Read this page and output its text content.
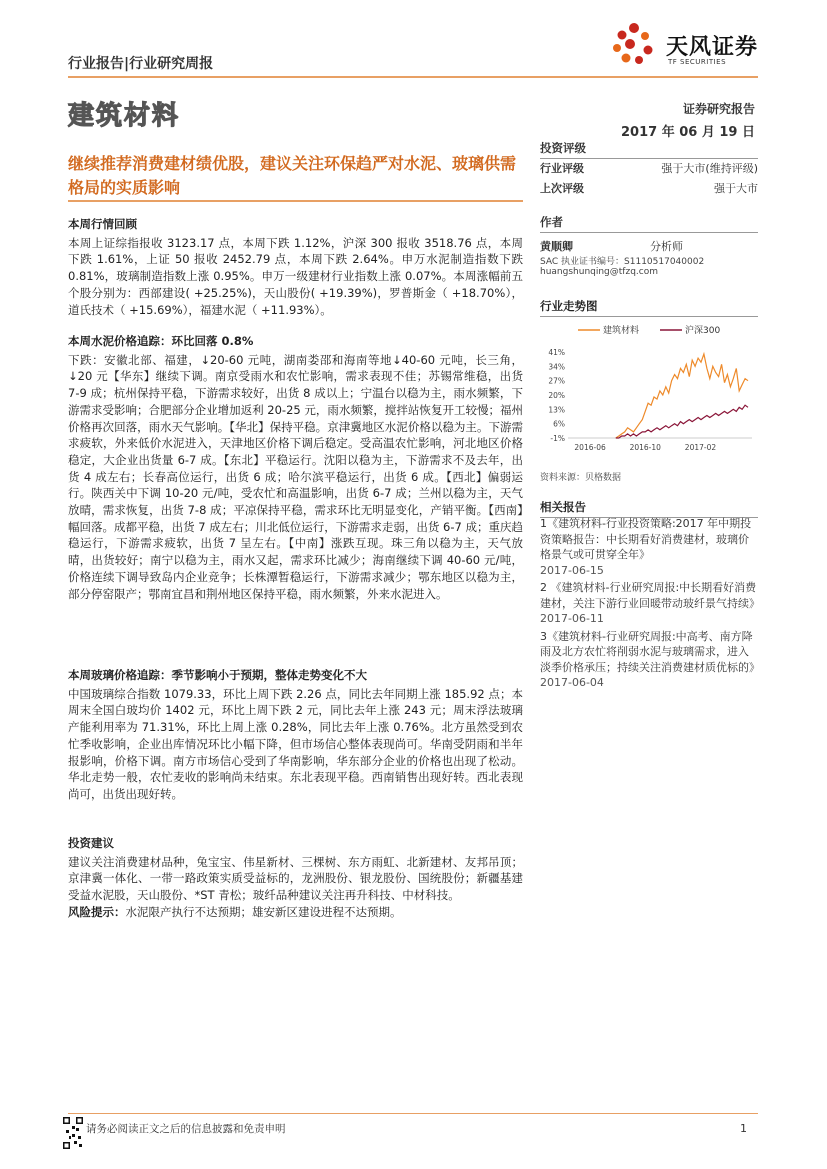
天风证券
TF SECURITIES
行业报告|行业研究周报
建筑材料	证券研究报告
2017 年 06 月 19 日
继续推荐消费建材绩优股，建议关注环保趋严对水泥、玻璃供需格局的实质影响
本周行情回顾
本周上证综指报收 3123.17 点，本周下跌 1.12%，沪深 300 报收 3518.76 点，本周下跌 1.61%，上证 50 报收 2452.79 点，本周下跌 2.64%。申万水泥制造指数下跌 0.81%，玻璃制造指数上涨 0.95%。申万一级建材行业指数上涨 0.07%。本周涨幅前五个股分别为：西部建设( +25.25%)，天山股份( +19.39%)，罗普斯金（ +18.70%），道氏技术（ +15.69%），福建水泥（ +11.93%）。
本周水泥价格追踪：环比回落 0.8%
下跌：安徽北部、福建，↓20-60 元吨，湖南娄邵和海南等地↓40-60 元吨，长三角，↓20 元【华东】继续下调。南京受雨水和农忙影响，需求表现不佳；苏锡常维稳，出货 7-9 成；杭州保持平稳，下游需求较好，出货 8 成以上；宁温台以稳为主，雨水频繁，下游需求受影响；合肥部分企业增加返利 20-25 元，雨水频繁，搅拌站恢复开工较慢；福州价格再次回落，雨水天气影响。【华北】保持平稳。京津冀地区水泥价格以稳为主。下游需求疲软，外来低价水泥进入，天津地区价格下调后稳定。受高温农忙影响，河北地区价格稳定，大企业出货量 6-7 成。【东北】平稳运行。沈阳以稳为主，下游需求不及去年，出货 4 成左右；长春高位运行，出货 6 成；哈尔滨平稳运行，出货 6 成。【西北】偏弱运行。陕西关中下调 10-20 元/吨，受农忙和高温影响，出货 6-7 成；兰州以稳为主，天气放晴，需求恢复，出货 7-8 成；平凉保持平稳，需求环比无明显变化，产销平衡。【西南】幅回落。成都平稳，出货 7 成左右；川北低位运行，下游需求走弱，出货 6-7 成；重庆趋稳运行，下游需求疲软，出货 7 呈左右。【中南】涨跌互现。珠三角以稳为主，天气放晴，出货较好；南宁以稳为主，雨水又起，需求环比减少；海南继续下调 40-60 元/吨，价格连续下调导致岛内企业竞争；长株潭暂稳运行，下游需求减少；鄂东地区以稳为主，部分停窑限产；鄂南宜昌和荆州地区保持平稳，雨水频繁，外来水泥进入。
本周玻璃价格追踪：季节影响小于预期，整体走势变化不大
中国玻璃综合指数 1079.33，环比上周下跌 2.26 点，同比去年同期上涨 185.92 点；本周末全国白玻均价 1402 元，环比上周下跌 2 元，同比去年上涨 243 元；周末浮法玻璃产能利用率为 71.31%，环比上周上涨 0.28%，同比去年上涨 0.76%。北方虽然受到农忙季收影响，企业出库情况环比小幅下降，但市场信心整体表现尚可。华南受阴雨和半年报影响，价格下调。南方市场信心受到了华南影响，华东部分企业的价格也出现了松动。华北走势一般，农忙麦收的影响尚未结束。东北表现平稳。西南销售出现好转。西北表现尚可，出货出现好转。
投资建议
建议关注消费建材品种，兔宝宝、伟星新材、三棵树、东方雨虹、北新建材、友邦吊顶；京津冀一体化、一带一路政策实质受益标的，龙洲股份、银龙股份、国统股份；新疆基建受益水泥股，天山股份、*ST 青松；玻纤品种建议关注再升科技、中材科技。
风险提示：水泥限产执行不达预期；雄安新区建设进程不达预期。
投资评级
行业评级	强于大市(维持评级)
上次评级	强于大市
作者
黄顺卿	分析师
SAC 执业证书编号：S1110517040002
huangshunqing@tfzq.com
行业走势图
建筑材料	沪深300
41%
34%
27%
20%
13%
6%
-1%
2016-06	2016-10	2017-02
资料来源：贝格数据
相关报告
1《建筑材料-行业投资策略:2017 年中期投资策略报告：中长期看好消费建材，玻璃价格景气或可贯穿全年》
2017-06-15
2 《建筑材料-行业研究周报:中长期看好消费建材，关注下游行业回暖带动玻纤景气持续》
2017-06-11
3《建筑材料-行业研究周报:中高考、南方降雨及北方农忙将削弱水泥与玻璃需求，进入淡季价格承压；持续关注消费建材质优标的》
2017-06-04
请务必阅读正文之后的信息披露和免责申明	1
